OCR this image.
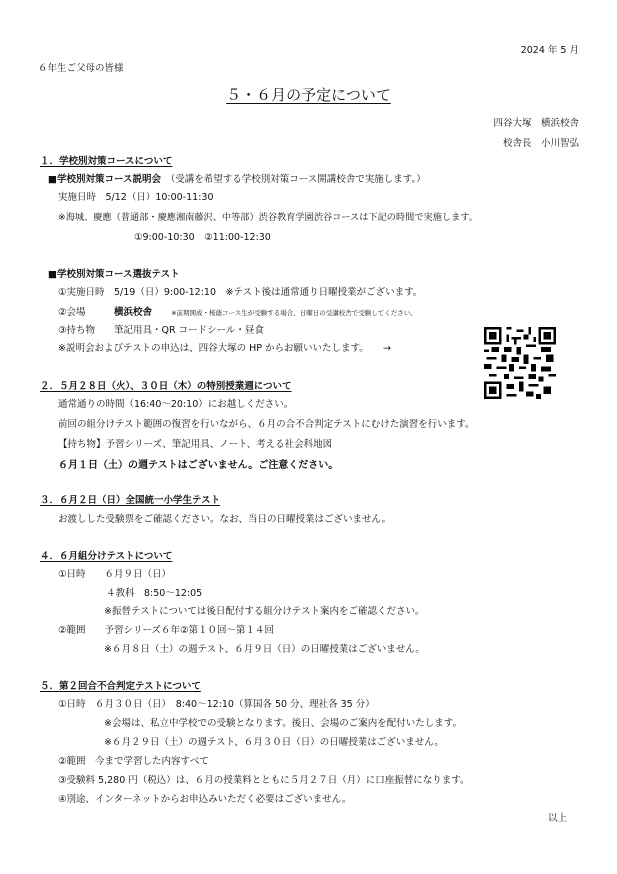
2024 年 5 月
６年生ご父母の皆様
５・６月の予定について
四谷大塚　横浜校舎
校舎長　小川智弘
１．学校別対策コースについて
■学校別対策コース説明会　 （受講を希望する学校別対策コース開講校舎で実施します。）
実施日時　5/12（日）10:00-11:30
※海城、慶應（普通部・慶應湘南藤沢、中等部）渋谷教育学園渋谷コースは下記の時間で実施します。
①9:00-10:30　②11:00-12:30
■学校別対策コース選抜テスト
①実施日時　5/19（日）9:00-12:10　※テスト後は通常通り日曜授業がございます。
②会場　　　	横浜校舎　　	※前期開成・桜蔭コース生が受験する場合、日曜日の受講校舎で受験してください。
③持ち物　　筆記用具・QR コードシール・昼食
※説明会およびテストの申込は、四谷大塚の HP からお願いいたします。　　 →
２．５月２８日（火）、３０日（木）の特別授業週について
通常通りの時間（16:40～20:10）にお越しください。
前回の組分けテスト範囲の復習を行いながら、６月の合不合判定テストにむけた演習を行います。
【持ち物】予習シリーズ、筆記用具、ノート、考える社会科地図
６月１日（土）の週テストはございません。ご注意ください。
３．６月２日（日）全国統一小学生テスト
お渡しした受験票をご確認ください。なお、当日の日曜授業はございません。
４．６月組分けテストについて
①日時　　６月９日（日）
４教科　8:50～12:05
※振替テストについては後日配付する組分けテスト案内をご確認ください。
②範囲　　予習シリーズ６年②第１０回～第１４回
※６月８日（土）の週テスト、６月９日（日）の日曜授業はございません。
５．第２回合不合判定テストについて
①日時　６月３０日（日）　8:40～12:10（算国各 50 分、理社各 35 分）
※会場は、私立中学校での受験となります。後日、会場のご案内を配付いたします。
※６月２９日（土）の週テスト、６月３０日（日）の日曜授業はございません。
②範囲　今まで学習した内容すべて
③受験料 5,280 円（税込）は、６月の授業料とともに５月２７日（月）に口座振替になります。
④別途、インターネットからお申込みいただく必要はございません。
以上
